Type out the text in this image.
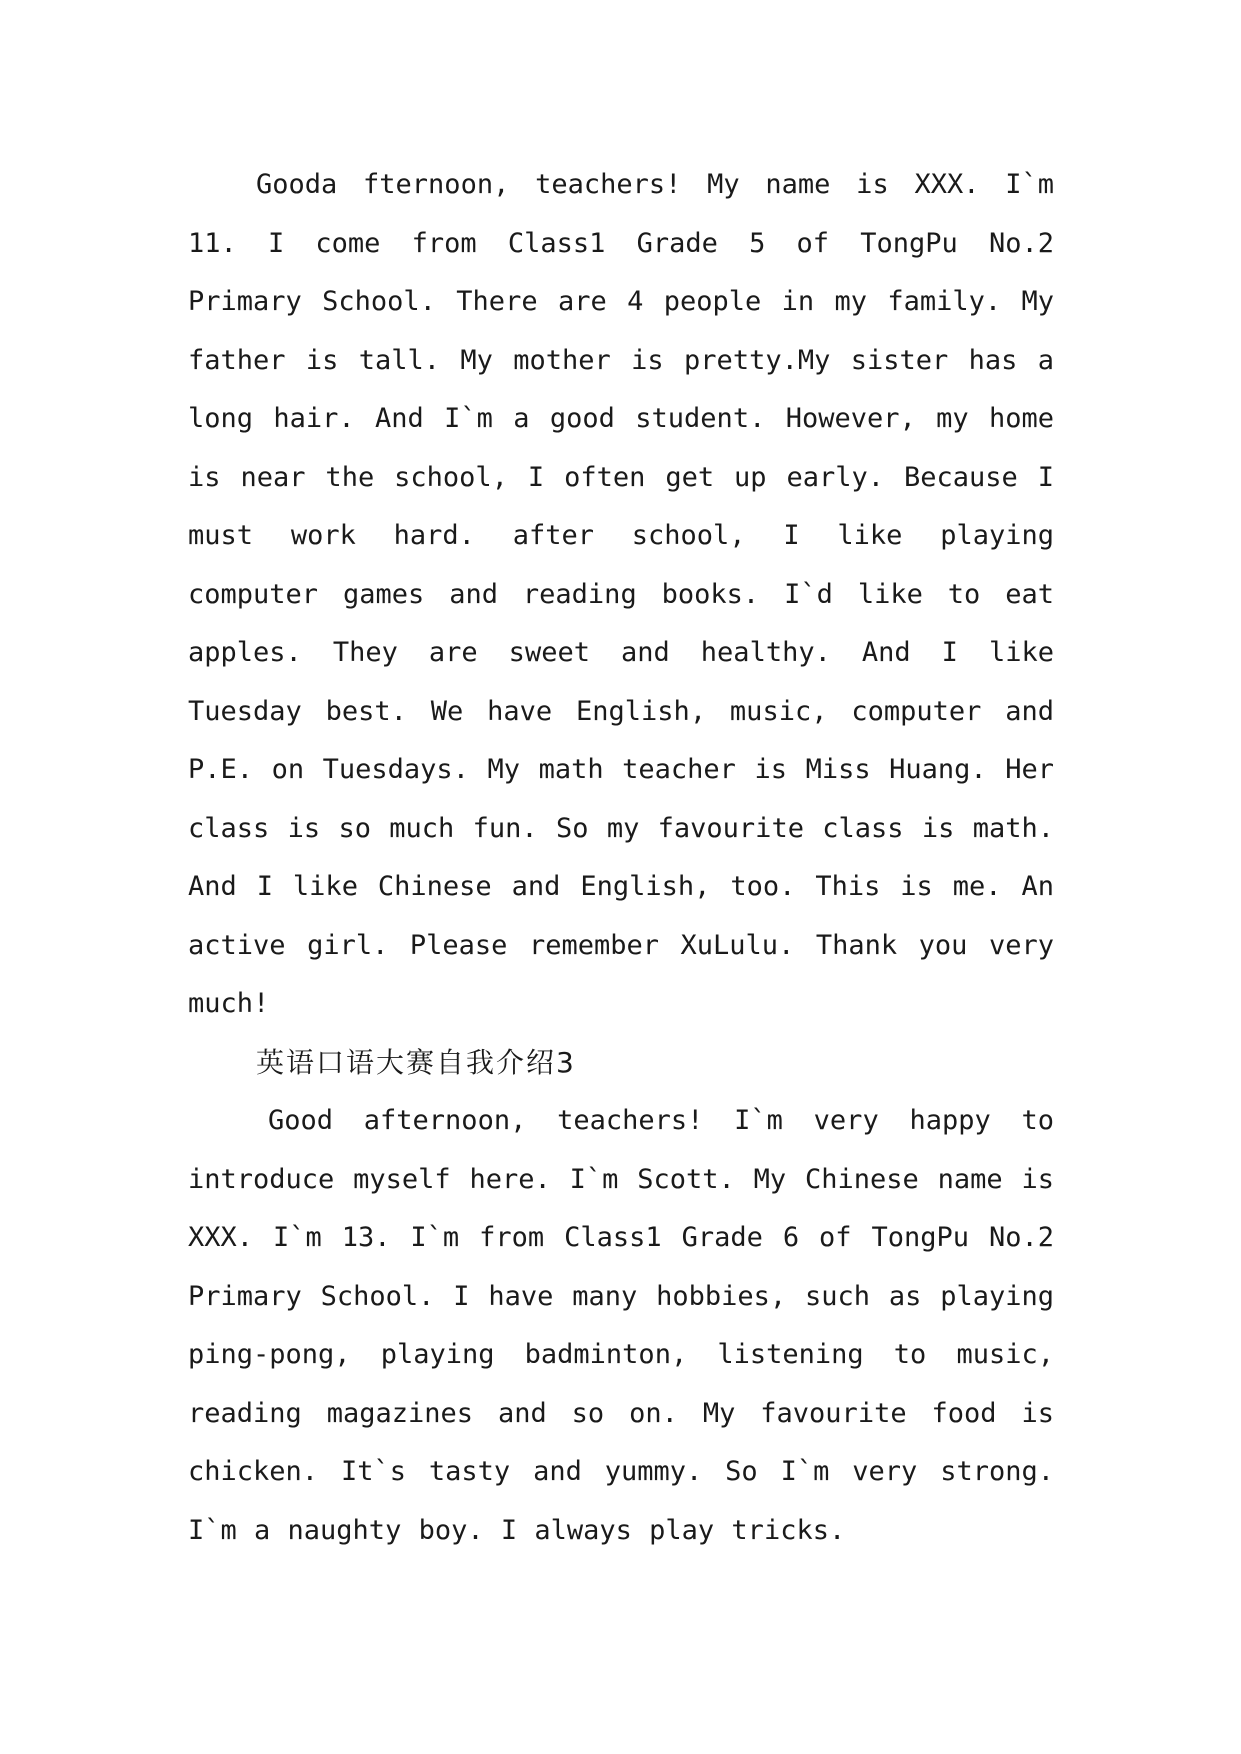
Gooda fternoon, teachers! My name is XXX. I`m 11. I come from Class1 Grade 5 of TongPu No.2 Primary School. There are 4 people in my family. My father is tall. My mother is pretty.My sister has a long hair. And I`m a good student. However, my home is near the school, I often get up early. Because I must work hard. after school, I like playing computer games and reading books. I`d like to eat apples. They are sweet and healthy. And I like Tuesday best. We have English, music, computer and P.E. on Tuesdays. My math teacher is Miss Huang. Her class is so much fun. So my favourite class is math. And I like Chinese and English, too. This is me. An active girl. Please remember XuLulu. Thank you very much!

英语口语大赛自我介绍3

Good afternoon, teachers! I`m very happy to introduce myself here. I`m Scott. My Chinese name is XXX. I`m 13. I`m from Class1 Grade 6 of TongPu No.2 Primary School. I have many hobbies, such as playing ping-pong, playing badminton, listening to music, reading magazines and so on. My favourite food is chicken. It`s tasty and yummy. So I`m very strong. I`m a naughty boy. I always play tricks.
